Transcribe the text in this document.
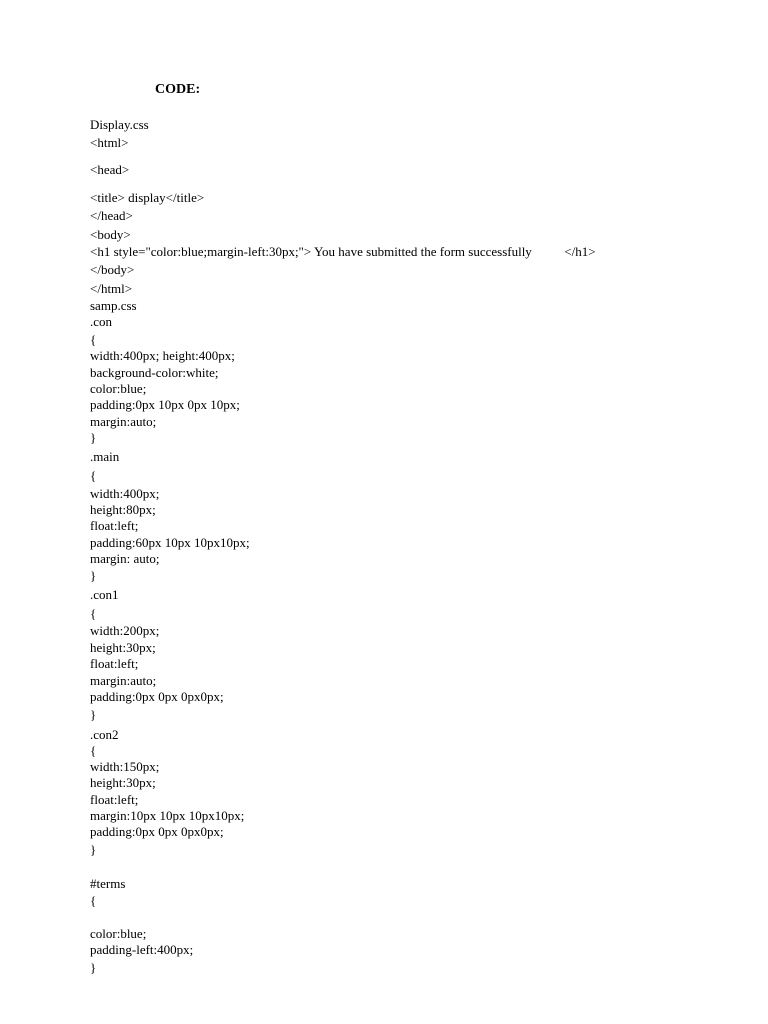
CODE:
Display.css
<html>
<head>
<title> display</title>
</head>
<body>
<h1 style="color:blue;margin-left:30px;"> You have submitted the form successfully          </h1>
</body>
</html>
samp.css
.con
{
width:400px; height:400px;
background-color:white;
color:blue;
padding:0px 10px 0px 10px;
margin:auto;
}
.main
{
width:400px;
height:80px;
float:left;
padding:60px 10px 10px10px;
margin: auto;
}
.con1
{
width:200px;
height:30px;
float:left;
margin:auto;
padding:0px 0px 0px0px;
}
.con2
{
width:150px;
height:30px;
float:left;
margin:10px 10px 10px10px;
padding:0px 0px 0px0px;
}
#terms
{
color:blue;
padding-left:400px;
}
